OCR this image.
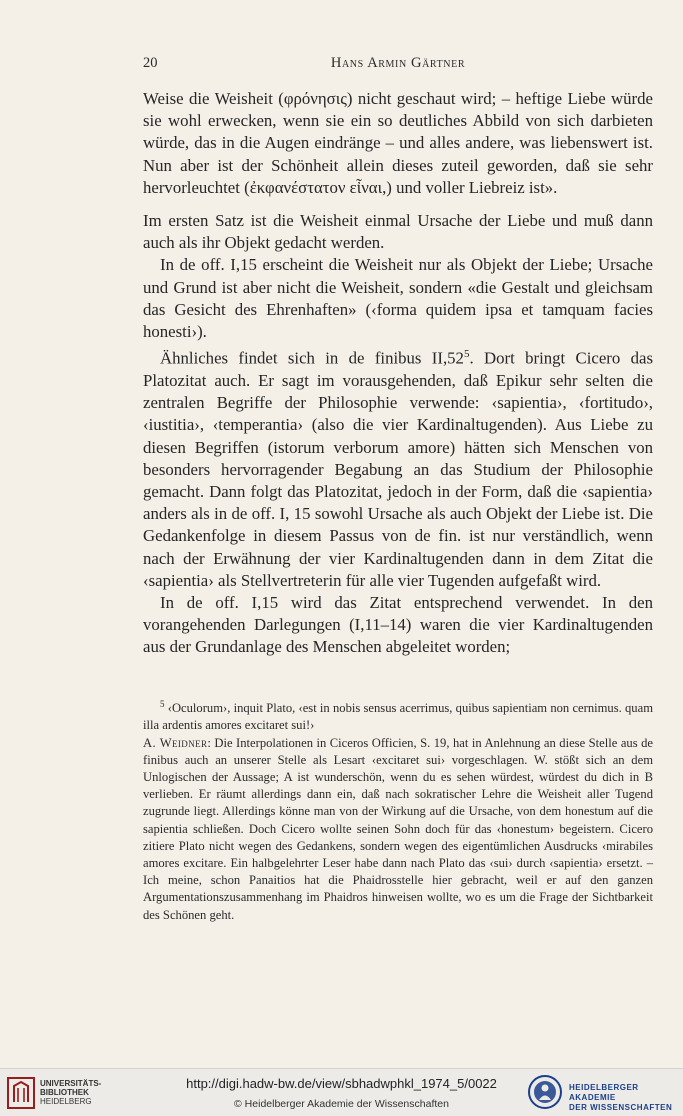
20	Hans Armin Gärtner

Weise die Weisheit (φρόνησις) nicht geschaut wird; – heftige Liebe würde sie wohl erwecken, wenn sie ein so deutliches Abbild von sich darbieten würde, das in die Augen eindränge – und alles andere, was liebenswert ist. Nun aber ist der Schönheit allein dieses zuteil geworden, daß sie sehr hervorleuchtet (ἐκφανέστατον εἶναι,) und voller Liebreiz ist».

Im ersten Satz ist die Weisheit einmal Ursache der Liebe und muß dann auch als ihr Objekt gedacht werden.

In de off. I,15 erscheint die Weisheit nur als Objekt der Liebe; Ursache und Grund ist aber nicht die Weisheit, sondern «die Gestalt und gleichsam das Gesicht des Ehrenhaften» (‹forma quidem ipsa et tamquam facies honesti›).

Ähnliches findet sich in de finibus $II,52^5$. Dort bringt Cicero das Platozitat auch. Er sagt im vorausgehenden, daß Epikur sehr selten die zentralen Begriffe der Philosophie verwende: ‹sapientia›, ‹fortitudo›, ‹iustitia›, ‹temperantia› (also die vier Kardinaltugenden). Aus Liebe zu diesen Begriffen (istorum verborum amore) hätten sich Menschen von besonders hervorragender Begabung an das Studium der Philosophie gemacht. Dann folgt das Platozitat, jedoch in der Form, daß die ‹sapientia› anders als in de off. I, 15 sowohl Ursache als auch Objekt der Liebe ist. Die Gedankenfolge in diesem Passus von de fin. ist nur verständlich, wenn nach der Erwähnung der vier Kardinaltugenden dann in dem Zitat die ‹sapientia› als Stellvertreterin für alle vier Tugenden aufgefaßt wird.

In de off. I,15 wird das Zitat entsprechend verwendet. In den vorangehenden Darlegungen (I,11–14) waren die vier Kardinaltugenden aus der Grundanlage des Menschen abgeleitet worden;

$^5$ ‹Oculorum›, inquit Plato, ‹est in nobis sensus acerrimus, quibus sapientiam non cernimus. quam illa ardentis amores excitaret sui!›

A. Weidner: Die Interpolationen in Ciceros Officien, S. 19, hat in Anlehnung an diese Stelle aus de finibus auch an unserer Stelle als Lesart ‹excitaret sui› vorgeschlagen. W. stößt sich an dem Unlogischen der Aussage; A ist wunderschön, wenn du es sehen würdest, würdest du dich in B verlieben. Er räumt allerdings dann ein, daß nach sokratischer Lehre die Weisheit aller Tugend zugrunde liegt. Allerdings könne man von der Wirkung auf die Ursache, von dem honestum auf die sapientia schließen. Doch Cicero wollte seinen Sohn doch für das ‹honestum› begeistern. Cicero zitiere Plato nicht wegen des Gedankens, sondern wegen des eigentümlichen Ausdrucks ‹mirabiles amores excitare. Ein halbgelehrter Leser habe dann nach Plato das ‹sui› durch ‹sapientia› ersetzt. – Ich meine, schon Panaitios hat die Phaidrosstelle hier gebracht, weil er auf den ganzen Argumentationszusammenhang im Phaidros hinweisen wollte, wo es um die Frage der Sichtbarkeit des Schönen geht.

UNIVERSITÄTS-
BIBLIOTHEK
HEIDELBERG
http://digi.hadw-bw.de/view/sbhadwphkl_1974_5/0022
© Heidelberger Akademie der Wissenschaften
HEIDELBERGER AKADEMIE
DER WISSENSCHAFTEN
